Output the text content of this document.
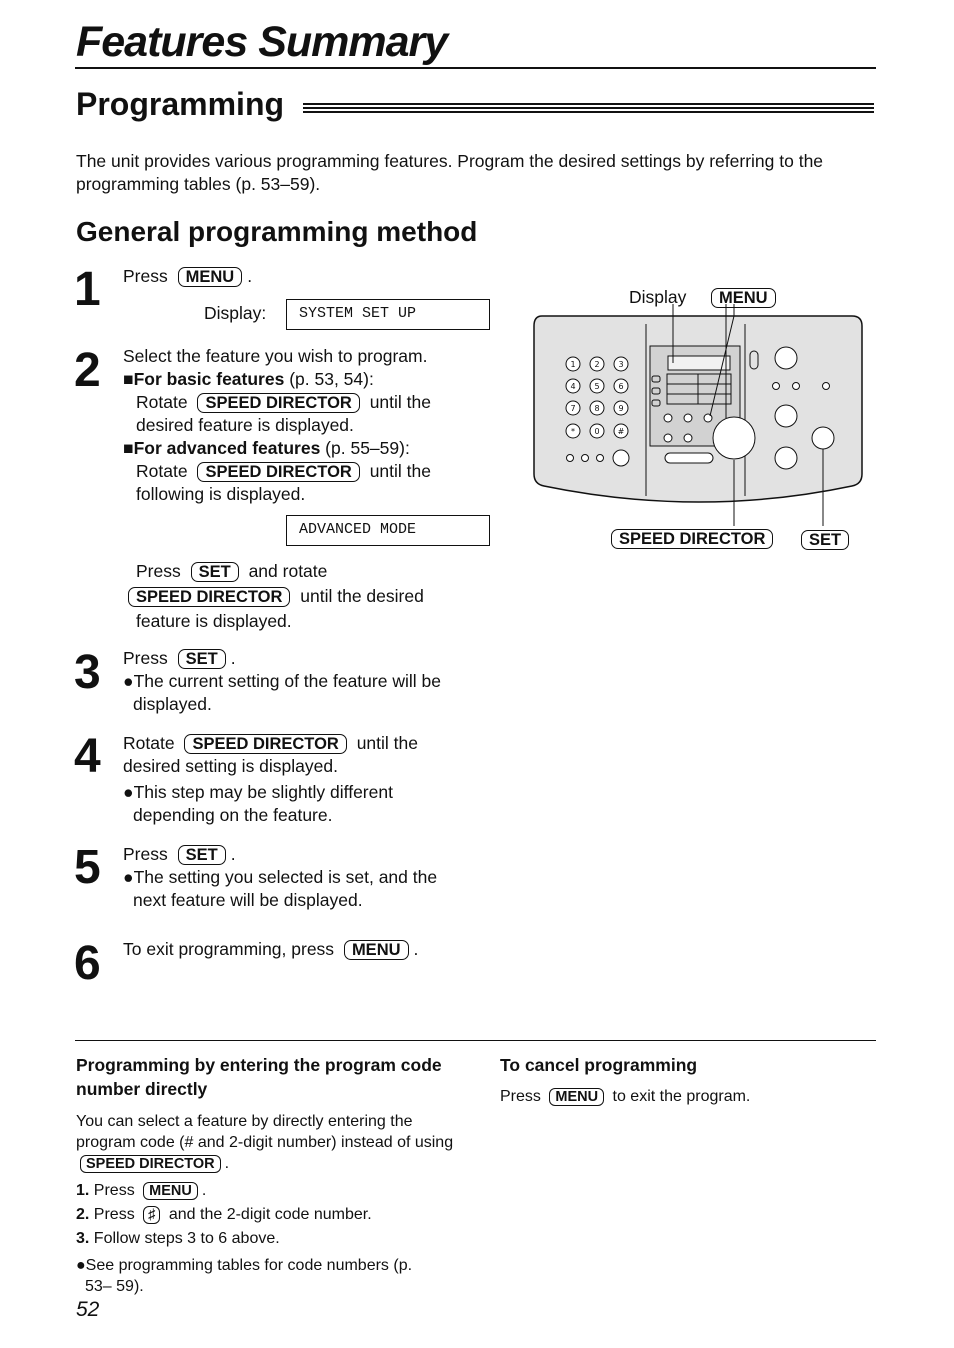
Features Summary
Programming
The unit provides various programming features. Program the desired settings by referring to the programming tables (p. 53–59).
General programming method
1 Press MENU .
Display:	SYSTEM SET UP
2 Select the feature you wish to program.
■For basic features (p. 53, 54):
Rotate SPEED DIRECTOR until the
desired feature is displayed.
■For advanced features (p. 55–59):
Rotate SPEED DIRECTOR until the
following is displayed.
ADVANCED MODE
Press SET and rotate
SPEED DIRECTOR until the desired
feature is displayed.
3 Press SET .
●The current setting of the feature will be displayed.
4 Rotate SPEED DIRECTOR until the
desired setting is displayed.
●This step may be slightly different depending on the feature.
5 Press SET .
●The setting you selected is set, and the next feature will be displayed.
6 To exit programming, press MENU .
Display	MENU
SPEED DIRECTOR	SET
1 2 3
4 5 6
7 8 9
* 0 #
Programming by entering the program code number directly
You can select a feature by directly entering the program code (# and 2-digit number) instead of using SPEED DIRECTOR .
1. Press MENU .
2. Press ♯ and the 2-digit code number.
3. Follow steps 3 to 6 above.
●See programming tables for code numbers (p. 53– 59).
To cancel programming
Press MENU to exit the program.
52
